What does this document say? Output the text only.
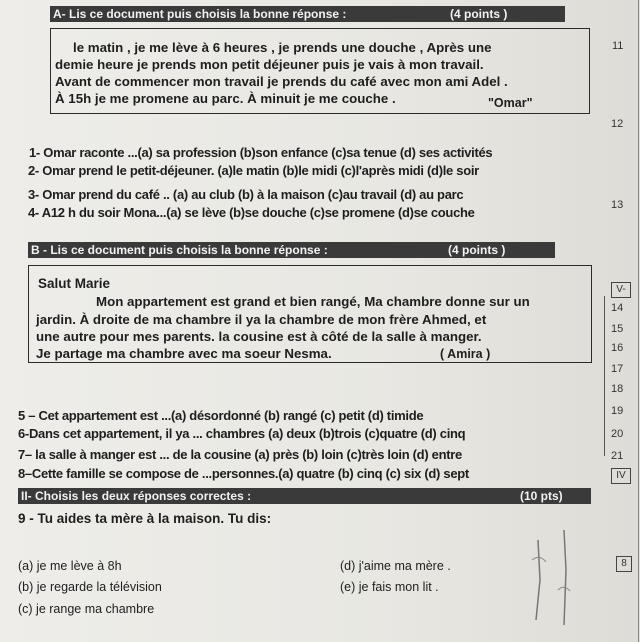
A- Lis ce document puis choisis la bonne réponse :	(4 points )
le matin , je me lève à 6 heures , je prends une douche , Après une
demie heure je prends mon petit déjeuner puis je vais à mon travail.
Avant de commencer mon travail je prends du café avec mon ami Adel .
À 15h je me promene au parc. À minuit je me couche .	"Omar"
1- Omar raconte ...(a) sa profession (b)son enfance (c)sa tenue (d) ses activités
2- Omar prend le petit-déjeuner. (a)le matin (b)le midi (c)l'après midi (d)le soir
3- Omar prend du café .. (a) au club (b) à la maison (c)au travail (d) au parc
4- A12 h du soir Mona...(a) se lève (b)se douche (c)se promene (d)se couche
B - Lis ce document puis choisis la bonne réponse :	(4 points )
Salut Marie
Mon appartement est grand et bien rangé, Ma chambre donne sur un
jardin. À droite de ma chambre il ya la chambre de mon frère Ahmed, et
une autre pour mes parents. la cousine est à côté de la salle à manger.
Je partage ma chambre avec ma soeur Nesma.	( Amira )
5 – Cet appartement est ...(a) désordonné (b) rangé (c) petit (d) timide
6-Dans cet appartement, il ya ... chambres (a) deux (b)trois (c)quatre (d) cinq
7– la salle à manger est ... de la cousine (a) près (b) loin (c)très loin (d) entre
8–Cette famille se compose de ...personnes.(a) quatre (b) cinq (c) six (d) sept
II- Choisis les deux réponses correctes :	(10 pts)
9 - Tu aides ta mère à la maison. Tu dis:
(a) je me lève à 8h
(b) je regarde la télévision
(c) je range ma chambre
(d) j'aime ma mère .
(e) je fais mon lit .
11
12
13
V-
14
15
16
17
18
19
20
21
IV
8
